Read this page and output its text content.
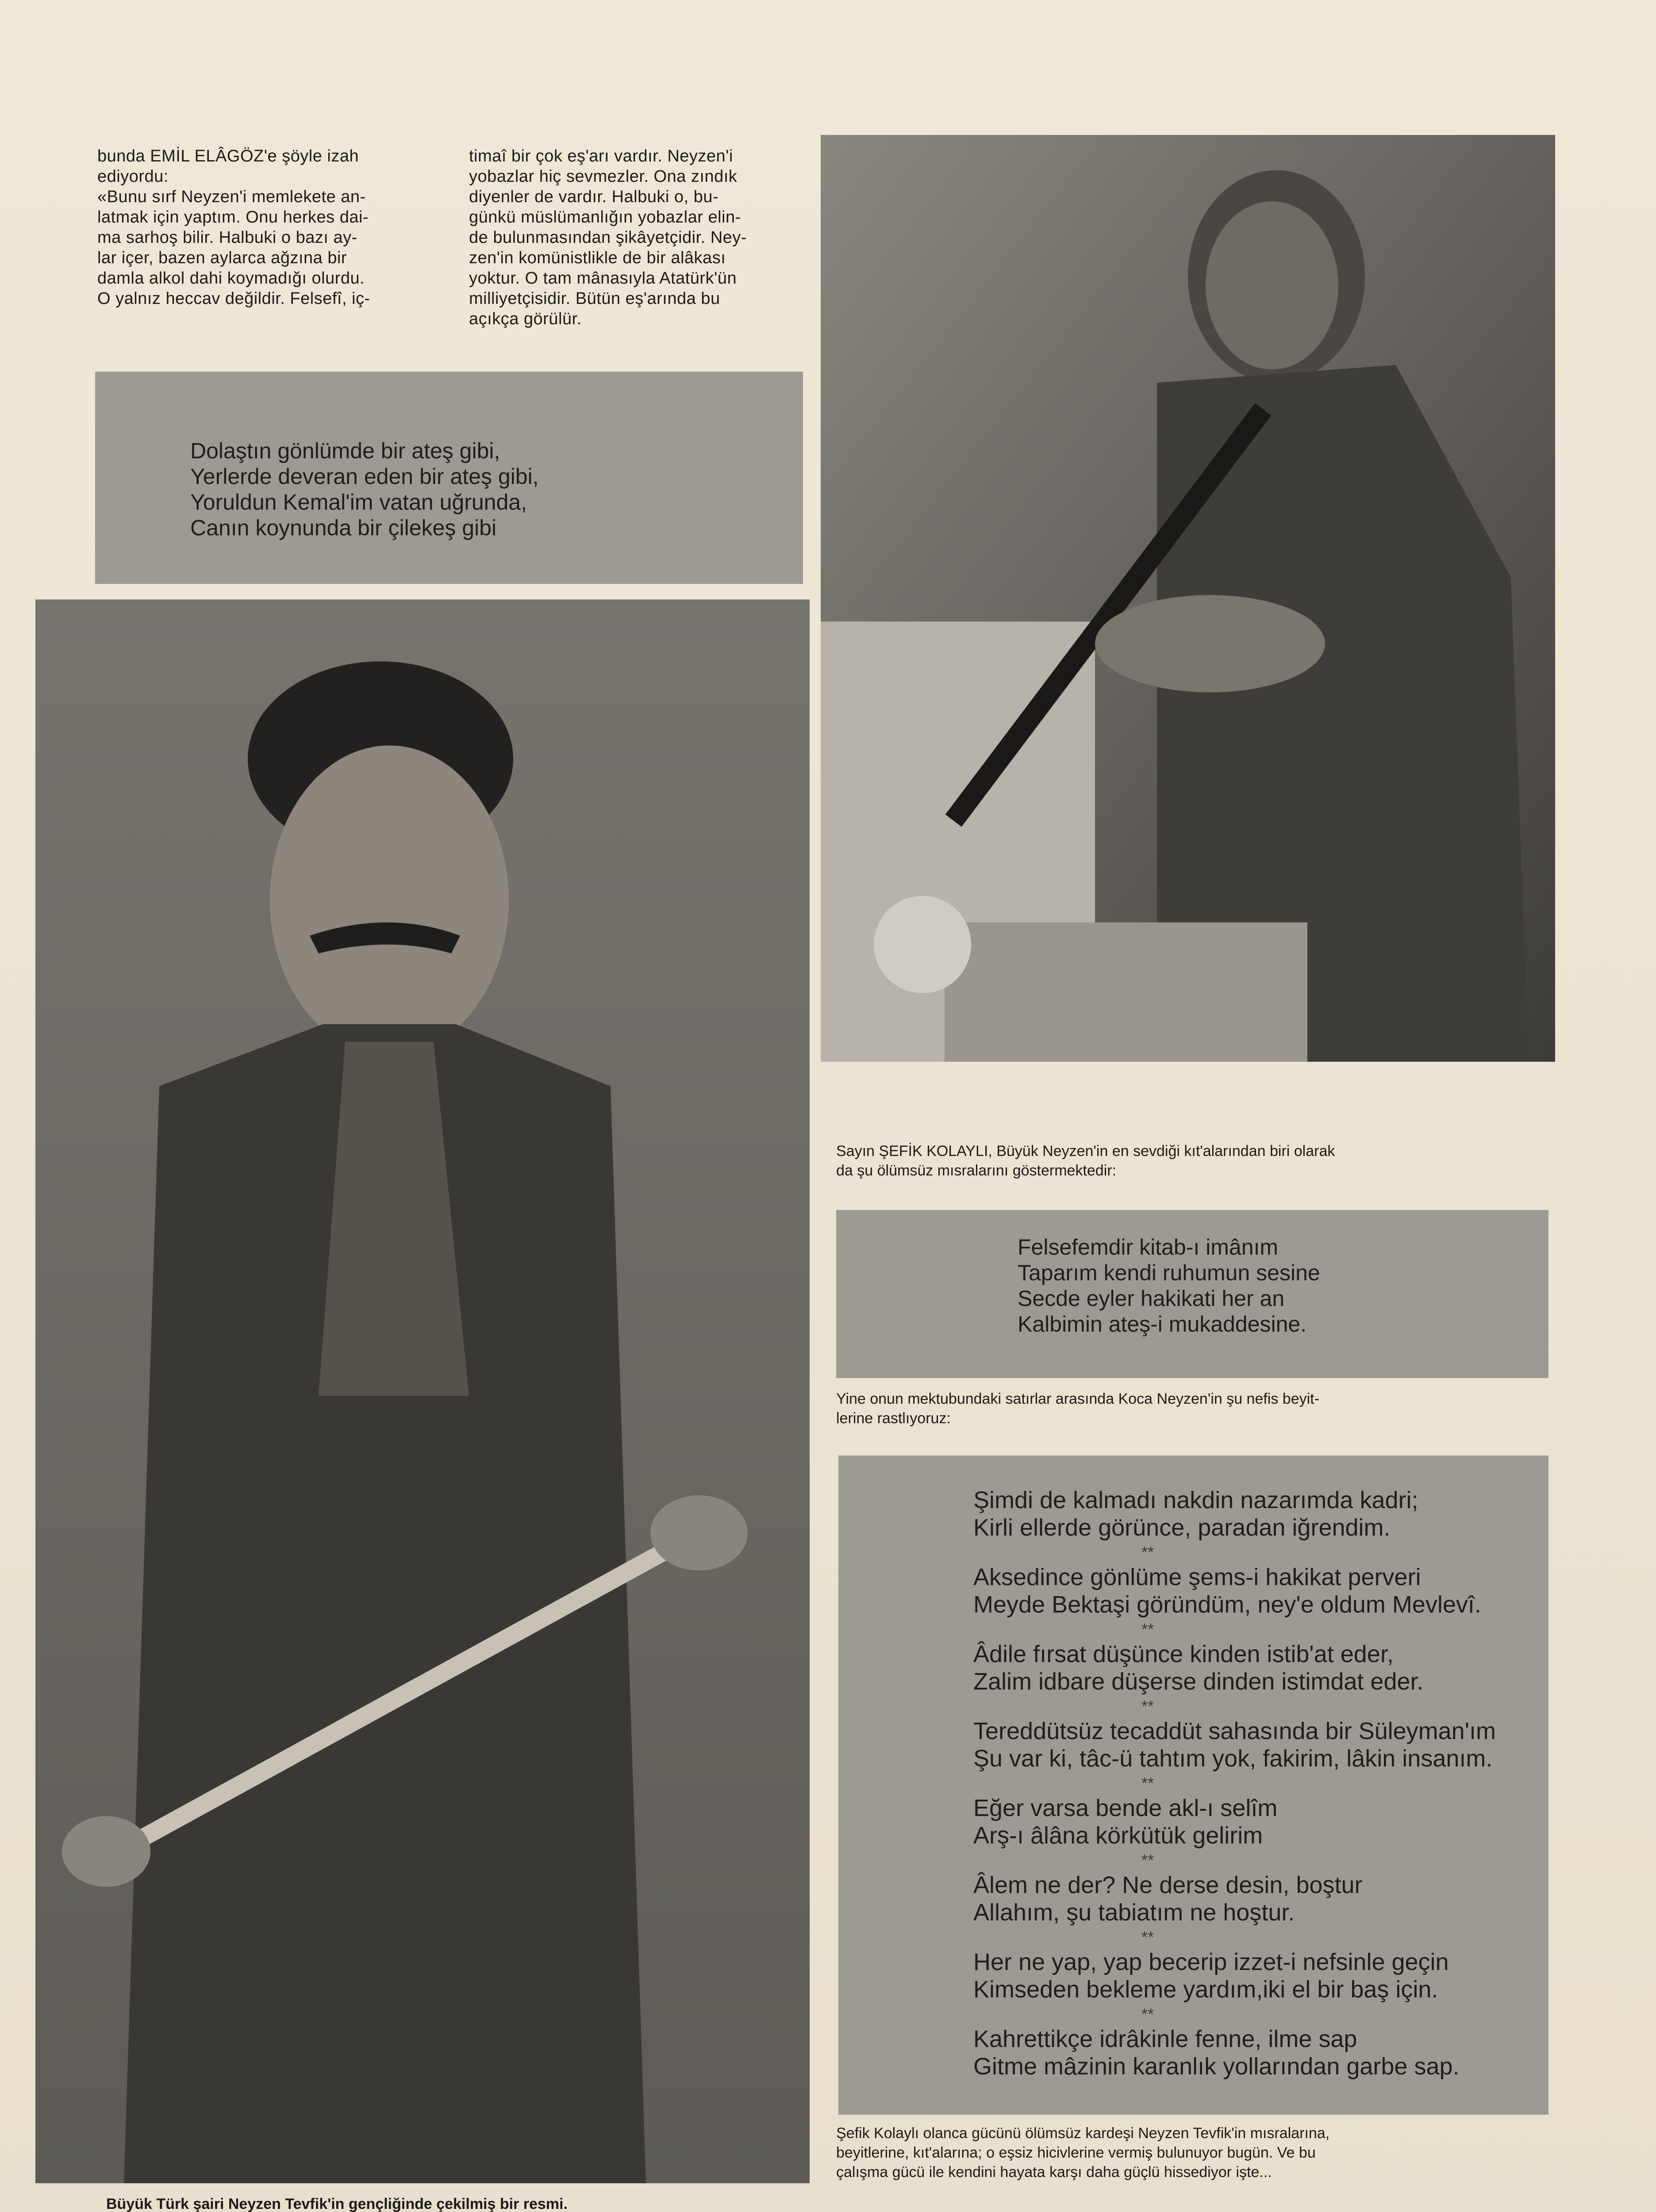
bunda EMİL ELÂGÖZ'e şöyle izah
ediyordu:
«Bunu sırf Neyzen'i memlekete an-
latmak için yaptım. Onu herkes dai-
ma sarhoş bilir. Halbuki o bazı ay-
lar içer, bazen aylarca ağzına bir
damla alkol dahi koymadığı olurdu.
O yalnız heccav değildir. Felsefî, iç-
timaî bir çok eş'arı vardır. Neyzen'i
yobazlar hiç sevmezler. Ona zındık
diyenler de vardır. Halbuki o, bu-
günkü müslümanlığın yobazlar elin-
de bulunmasından şikâyetçidir. Ney-
zen'in komünistlikle de bir alâkası
yoktur. O tam mânasıyla Atatürk'ün
milliyetçisidir. Bütün eş'arında bu
açıkça görülür.
Dolaştın gönlümde bir ateş gibi,
Yerlerde deveran eden bir ateş gibi,
Yoruldun Kemal'im vatan uğrunda,
Canın koynunda bir çilekeş gibi
Büyük Türk şairi Neyzen Tevfik'in gençliğinde çekilmiş bir resmi.
Sayın ŞEFİK KOLAYLI, Büyük Neyzen'in en sevdiği kıt'alarından biri olarak
da şu ölümsüz mısralarını göstermektedir:
Felsefemdir kitab-ı imânım
Taparım kendi ruhumun sesine
Secde eyler hakikati her an
Kalbimin ateş-i mukaddesine.
Yine onun mektubundaki satırlar arasında Koca Neyzen'in şu nefis beyit-
lerine rastlıyoruz:
Şimdi de kalmadı nakdin nazarımda kadri;
Kirli ellerde görünce, paradan iğrendim.
**
Aksedince gönlüme şems-i hakikat perveri
Meyde Bektaşi göründüm, ney'e oldum Mevlevî.
**
Âdile fırsat düşünce kinden istib'at eder,
Zalim idbare düşerse dinden istimdat eder.
**
Tereddütsüz tecaddüt sahasında bir Süleyman'ım
Şu var ki, tâc-ü tahtım yok, fakirim, lâkin insanım.
**
Eğer varsa bende akl-ı selîm
Arş-ı âlâna körkütük gelirim
**
Âlem ne der? Ne derse desin, boştur
Allahım, şu tabiatım ne hoştur.
**
Her ne yap, yap becerip izzet-i nefsinle geçin
Kimseden bekleme yardım,iki el bir baş için.
**
Kahrettikçe idrâkinle fenne, ilme sap
Gitme mâzinin karanlık yollarından garbe sap.
Şefik Kolaylı olanca gücünü ölümsüz kardeşi Neyzen Tevfik'in mısralarına,
beyitlerine, kıt'alarına; o eşsiz hicivlerine vermiş bulunuyor bugün. Ve bu
çalışma gücü ile kendini hayata karşı daha güçlü hissediyor işte...
